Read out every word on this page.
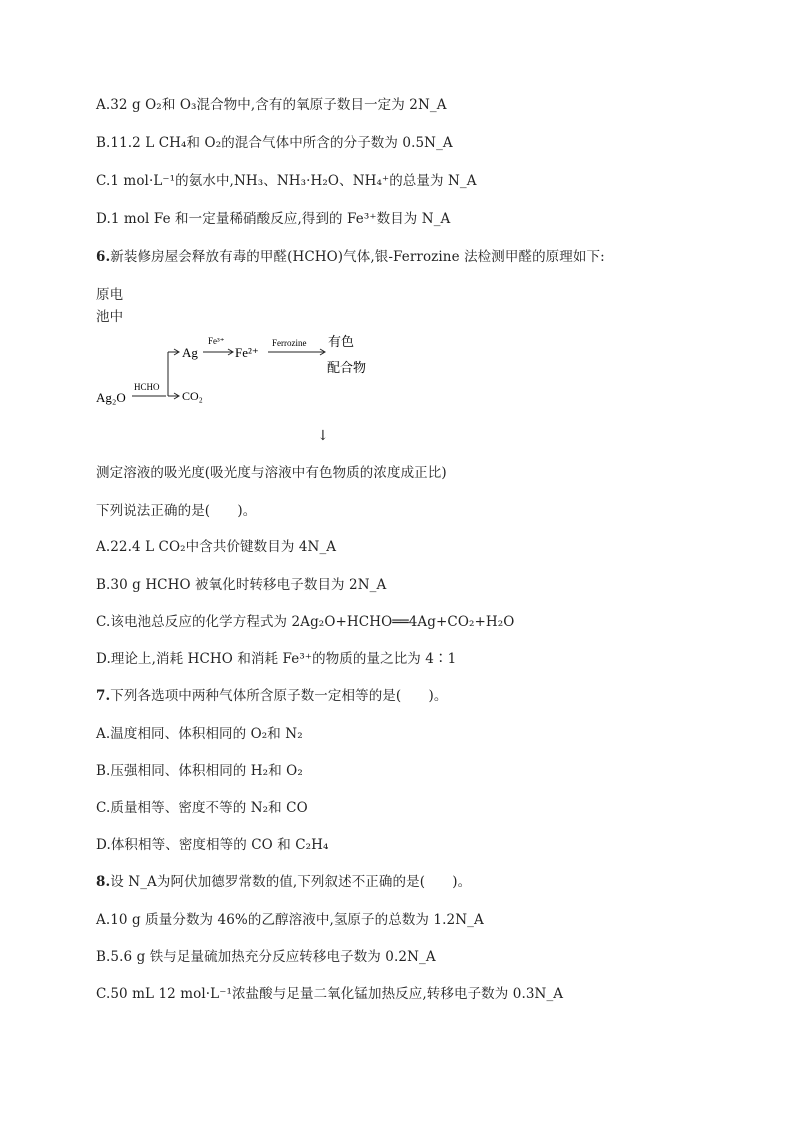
A.32 g O₂和 O₃混合物中,含有的氧原子数目一定为 2N_A
B.11.2 L CH₄和 O₂的混合气体中所含的分子数为 0.5N_A
C.1 mol·L⁻¹的氨水中,NH₃、NH₃·H₂O、NH₄⁺的总量为 N_A
D.1 mol Fe 和一定量稀硝酸反应,得到的 Fe³⁺数目为 N_A
6.新装修房屋会释放有毒的甲醛(HCHO)气体,银-Ferrozine 法检测甲醛的原理如下:
原电
池中
Ag₂O
HCHO
Ag
CO₂
Fe³⁺
Fe²⁺
Ferrozine 有色
配合物
↓
测定溶液的吸光度(吸光度与溶液中有色物质的浓度成正比)
下列说法正确的是(　　)。
A.22.4 L CO₂中含共价键数目为 4N_A
B.30 g HCHO 被氧化时转移电子数目为 2N_A
C.该电池总反应的化学方程式为 2Ag₂O+HCHO══4Ag+CO₂+H₂O
D.理论上,消耗 HCHO 和消耗 Fe³⁺的物质的量之比为 4∶1
7.下列各选项中两种气体所含原子数一定相等的是(　　)。
A.温度相同、体积相同的 O₂和 N₂
B.压强相同、体积相同的 H₂和 O₂
C.质量相等、密度不等的 N₂和 CO
D.体积相等、密度相等的 CO 和 C₂H₄
8.设 N_A为阿伏加德罗常数的值,下列叙述不正确的是(　　)。
A.10 g 质量分数为 46%的乙醇溶液中,氢原子的总数为 1.2N_A
B.5.6 g 铁与足量硫加热充分反应转移电子数为 0.2N_A
C.50 mL 12 mol·L⁻¹浓盐酸与足量二氧化锰加热反应,转移电子数为 0.3N_A
